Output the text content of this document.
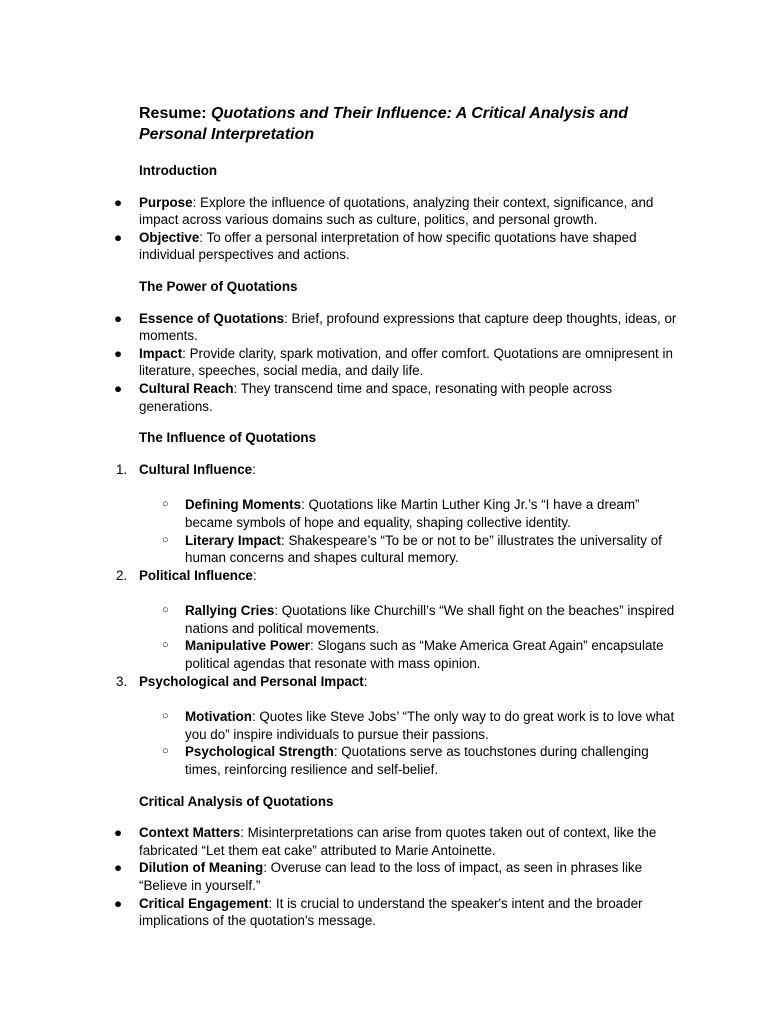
Resume: Quotations and Their Influence: A Critical Analysis and Personal Interpretation

Introduction

●	Purpose: Explore the influence of quotations, analyzing their context, significance, and impact across various domains such as culture, politics, and personal growth.
●	Objective: To offer a personal interpretation of how specific quotations have shaped individual perspectives and actions.

The Power of Quotations

●	Essence of Quotations: Brief, profound expressions that capture deep thoughts, ideas, or moments.
●	Impact: Provide clarity, spark motivation, and offer comfort. Quotations are omnipresent in literature, speeches, social media, and daily life.
●	Cultural Reach: They transcend time and space, resonating with people across generations.

The Influence of Quotations

1. Cultural Influence:
○	Defining Moments: Quotations like Martin Luther King Jr.’s “I have a dream” became symbols of hope and equality, shaping collective identity.
○	Literary Impact: Shakespeare’s “To be or not to be” illustrates the universality of human concerns and shapes cultural memory.
2. Political Influence:
○	Rallying Cries: Quotations like Churchill’s “We shall fight on the beaches” inspired nations and political movements.
○	Manipulative Power: Slogans such as “Make America Great Again” encapsulate political agendas that resonate with mass opinion.
3. Psychological and Personal Impact:
○	Motivation: Quotes like Steve Jobs’ “The only way to do great work is to love what you do” inspire individuals to pursue their passions.
○	Psychological Strength: Quotations serve as touchstones during challenging times, reinforcing resilience and self-belief.

Critical Analysis of Quotations

●	Context Matters: Misinterpretations can arise from quotes taken out of context, like the fabricated “Let them eat cake” attributed to Marie Antoinette.
●	Dilution of Meaning: Overuse can lead to the loss of impact, as seen in phrases like “Believe in yourself.”
●	Critical Engagement: It is crucial to understand the speaker's intent and the broader implications of the quotation's message.
